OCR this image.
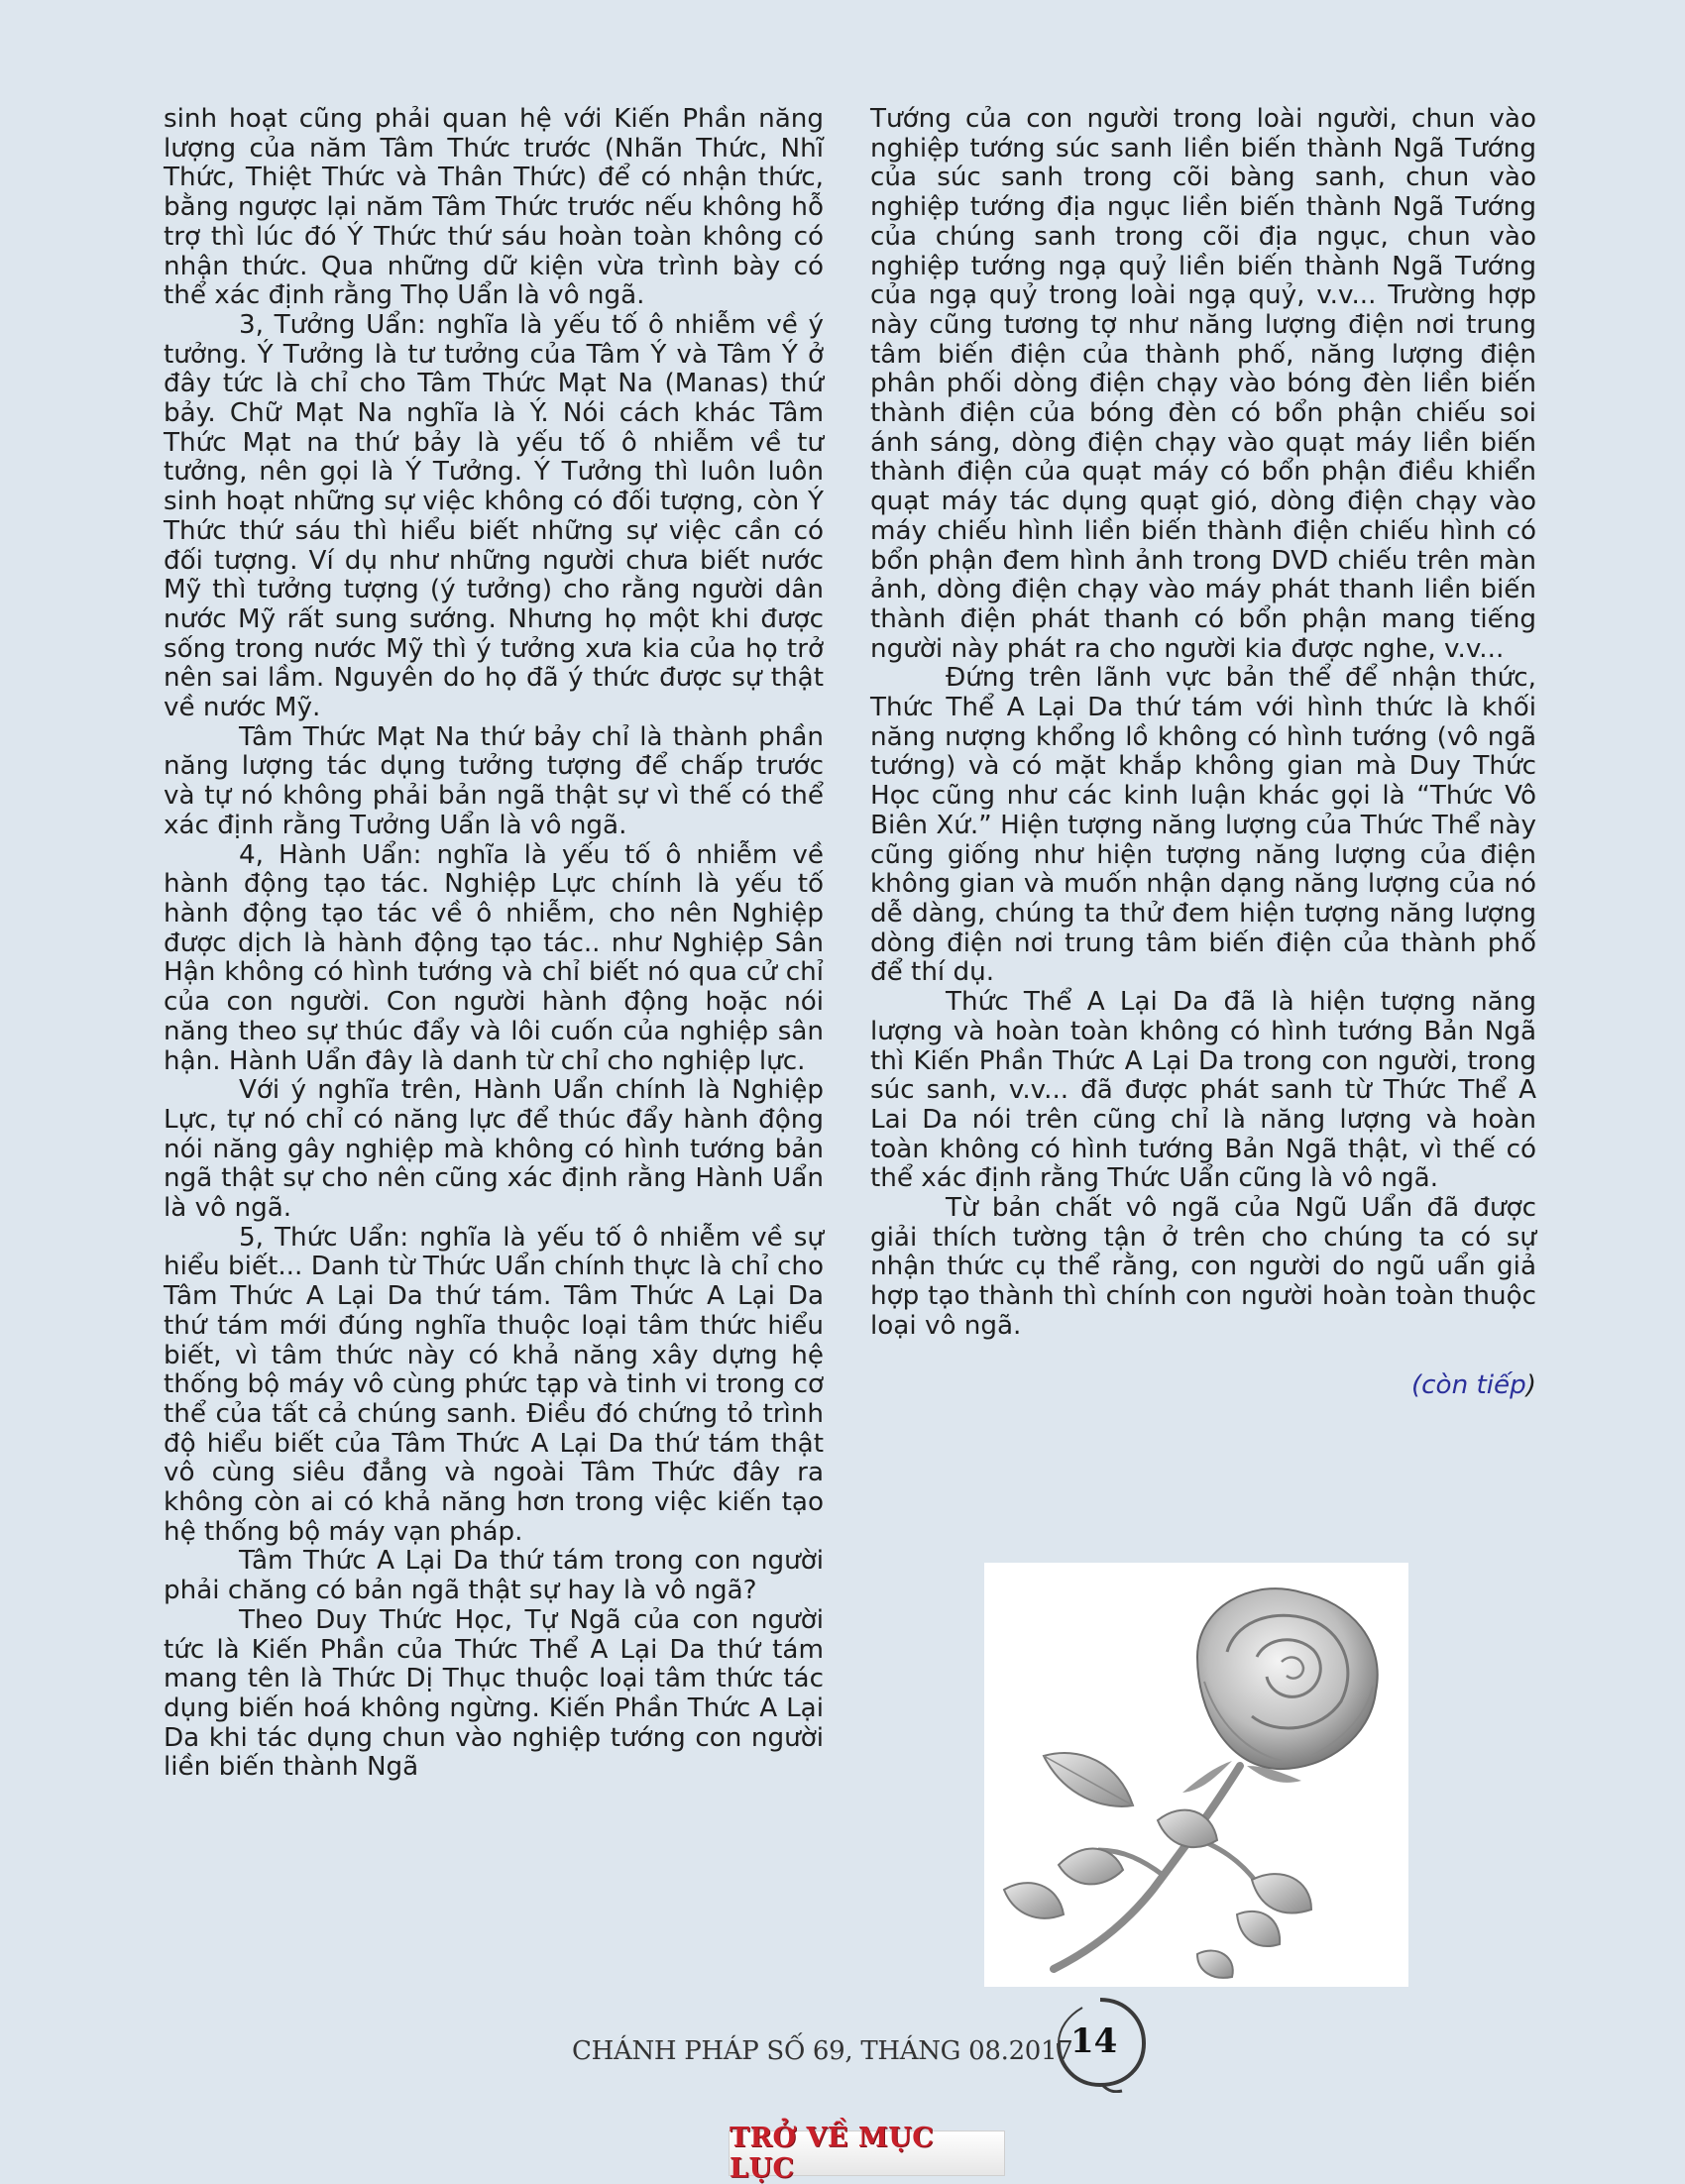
sinh hoạt cũng phải quan hệ với Kiến Phần năng lượng của năm Tâm Thức trước (Nhãn Thức, Nhĩ Thức, Thiệt Thức và Thân Thức) để có nhận thức, bằng ngược lại năm Tâm Thức trước nếu không hỗ trợ thì lúc đó Ý Thức thứ sáu hoàn toàn không có nhận thức. Qua những dữ kiện vừa trình bày có thể xác định rằng Thọ Uẩn là vô ngã.

3, Tưởng Uẩn: nghĩa là yếu tố ô nhiễm về ý tưởng. Ý Tưởng là tư tưởng của Tâm Ý và Tâm Ý ở đây tức là chỉ cho Tâm Thức Mạt Na (Manas) thứ bảy. Chữ Mạt Na nghĩa là Ý. Nói cách khác Tâm Thức Mạt na thứ bảy là yếu tố ô nhiễm về tư tưởng, nên gọi là Ý Tưởng. Ý Tưởng thì luôn luôn sinh hoạt những sự việc không có đối tượng, còn Ý Thức thứ sáu thì hiểu biết những sự việc cần có đối tượng. Ví dụ như những người chưa biết nước Mỹ thì tưởng tượng (ý tưởng) cho rằng người dân nước Mỹ rất sung sướng. Nhưng họ một khi được sống trong nước Mỹ thì ý tưởng xưa kia của họ trở nên sai lầm. Nguyên do họ đã ý thức được sự thật về nước Mỹ.

Tâm Thức Mạt Na thứ bảy chỉ là thành phần năng lượng tác dụng tưởng tượng để chấp trước và tự nó không phải bản ngã thật sự vì thế có thể xác định rằng Tưởng Uẩn là vô ngã.

4, Hành Uẩn: nghĩa là yếu tố ô nhiễm về hành động tạo tác. Nghiệp Lực chính là yếu tố hành động tạo tác về ô nhiễm, cho nên Nghiệp được dịch là hành động tạo tác.. như Nghiệp Sân Hận không có hình tướng và chỉ biết nó qua cử chỉ của con người. Con người hành động hoặc nói năng theo sự thúc đẩy và lôi cuốn của nghiệp sân hận. Hành Uẩn đây là danh từ chỉ cho nghiệp lực.

Với ý nghĩa trên, Hành Uẩn chính là Nghiệp Lực, tự nó chỉ có năng lực để thúc đẩy hành động nói năng gây nghiệp mà không có hình tướng bản ngã thật sự cho nên cũng xác định rằng Hành Uẩn là vô ngã.

5, Thức Uẩn: nghĩa là yếu tố ô nhiễm về sự hiểu biết... Danh từ Thức Uẩn chính thực là chỉ cho Tâm Thức A Lại Da thứ tám. Tâm Thức A Lại Da thứ tám mới đúng nghĩa thuộc loại tâm thức hiểu biết, vì tâm thức này có khả năng xây dựng hệ thống bộ máy vô cùng phức tạp và tinh vi trong cơ thể của tất cả chúng sanh. Điều đó chứng tỏ trình độ hiểu biết của Tâm Thức A Lại Da thứ tám thật vô cùng siêu đẳng và ngoài Tâm Thức đây ra không còn ai có khả năng hơn trong việc kiến tạo hệ thống bộ máy vạn pháp.

Tâm Thức A Lại Da thứ tám trong con người phải chăng có bản ngã thật sự hay là vô ngã?

Theo Duy Thức Học, Tự Ngã của con người tức là Kiến Phần của Thức Thể A Lại Da thứ tám mang tên là Thức Dị Thục thuộc loại tâm thức tác dụng biến hoá không ngừng. Kiến Phần Thức A Lại Da khi tác dụng chun vào nghiệp tướng con người liền biến thành Ngã

Tướng của con người trong loài người, chun vào nghiệp tướng súc sanh liền biến thành Ngã Tướng của súc sanh trong cõi bàng sanh, chun vào nghiệp tướng địa ngục liền biến thành Ngã Tướng của chúng sanh trong cõi địa ngục, chun vào nghiệp tướng ngạ quỷ liền biến thành Ngã Tướng của ngạ quỷ trong loài ngạ quỷ, v.v... Trường hợp này cũng tương tợ như năng lượng điện nơi trung tâm biến điện của thành phố, năng lượng điện phân phối dòng điện chạy vào bóng đèn liền biến thành điện của bóng đèn có bổn phận chiếu soi ánh sáng, dòng điện chạy vào quạt máy liền biến thành điện của quạt máy có bổn phận điều khiển quạt máy tác dụng quạt gió, dòng điện chạy vào máy chiếu hình liền biến thành điện chiếu hình có bổn phận đem hình ảnh trong DVD chiếu trên màn ảnh, dòng điện chạy vào máy phát thanh liền biến thành điện phát thanh có bổn phận mang tiếng người này phát ra cho người kia được nghe, v.v...

Đứng trên lãnh vực bản thể để nhận thức, Thức Thể A Lại Da thứ tám với hình thức là khối năng nượng khổng lồ không có hình tướng (vô ngã tướng) và có mặt khắp không gian mà Duy Thức Học cũng như các kinh luận khác gọi là “Thức Vô Biên Xứ.” Hiện tượng năng lượng của Thức Thể này cũng giống như hiện tượng năng lượng của điện không gian và muốn nhận dạng năng lượng của nó dễ dàng, chúng ta thử đem hiện tượng năng lượng dòng điện nơi trung tâm biến điện của thành phố để thí dụ.

Thức Thể A Lại Da đã là hiện tượng năng lượng và hoàn toàn không có hình tướng Bản Ngã thì Kiến Phần Thức A Lại Da trong con người, trong súc sanh, v.v... đã được phát sanh từ Thức Thể A Lai Da nói trên cũng chỉ là năng lượng và hoàn toàn không có hình tướng Bản Ngã thật, vì thế có thể xác định rằng Thức Uẩn cũng là vô ngã.

Từ bản chất vô ngã của Ngũ Uẩn đã được giải thích tường tận ở trên cho chúng ta có sự nhận thức cụ thể rằng, con người do ngũ uẩn giả hợp tạo thành thì chính con người hoàn toàn thuộc loại vô ngã.

(còn tiếp)

CHÁNH PHÁP SỐ 69, THÁNG 08.2017
14
TRỞ VỀ MỤC LỤC
